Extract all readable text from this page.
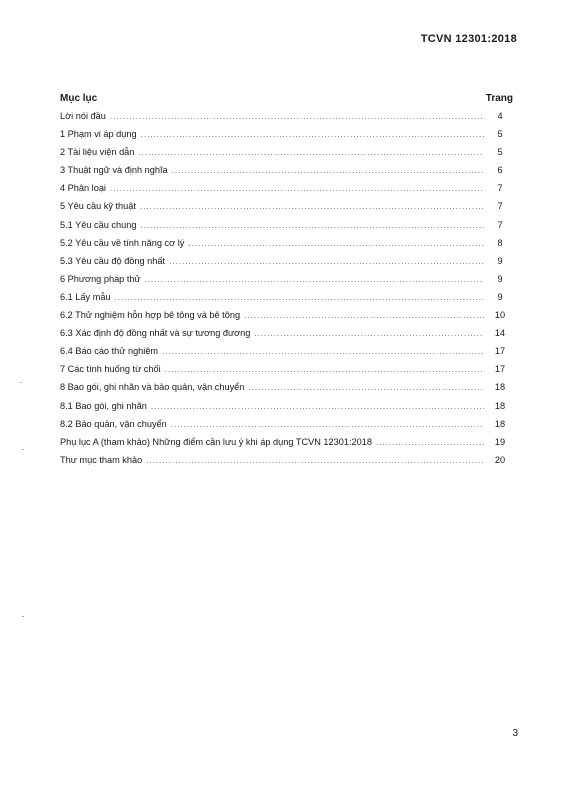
TCVN 12301:2018
Mục lục	Trang
Lời nói đầu .....	4
1 Phạm vi áp dụng .....	5
2 Tài liệu viện dẫn .....	5
3 Thuật ngữ và định nghĩa .....	6
4 Phân loại .....	7
5 Yêu cầu kỹ thuật .....	7
5.1 Yêu cầu chung .....	7
5.2 Yêu cầu về tính năng cơ lý .....	8
5.3 Yêu cầu độ đồng nhất .....	9
6 Phương pháp thử .....	9
6.1 Lấy mẫu .....	9
6.2 Thử nghiệm hỗn hợp bê tông và bê tông .....	10
6.3 Xác định độ đồng nhất và sự tương đương .....	14
6.4 Báo cáo thử nghiệm .....	17
7 Các tình huống từ chối .....	17
8 Bao gói, ghi nhãn và bảo quản, vận chuyển .....	18
8.1 Bao gói, ghi nhãn .....	18
8.2 Bảo quản, vận chuyển .....	18
Phụ lục A (tham khảo) Những điểm cần lưu ý khi áp dụng TCVN 12301:2018 .....	19
Thư mục tham khảo .....	20
3
